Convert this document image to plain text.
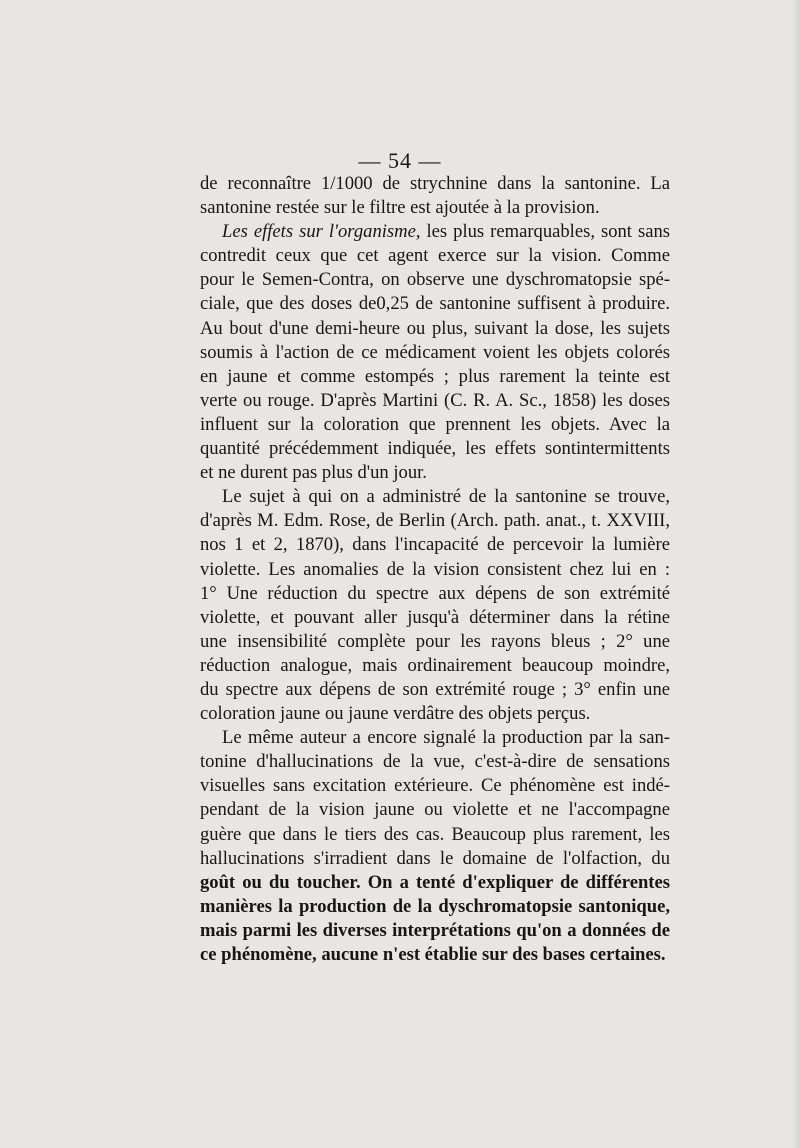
— 54 —
de reconnaître 1/1000 de strychnine dans la santonine. La
santonine restée sur le filtre est ajoutée à la provision.
Les effets sur l'organisme, les plus remarquables, sont sans
contredit ceux que cet agent exerce sur la vision. Comme
pour le Semen-Contra, on observe une dyschromatopsie spé-
ciale, que des doses de0,25 de santonine suffisent à produire.
Au bout d'une demi-heure ou plus, suivant la dose, les sujets
soumis à l'action de ce médicament voient les objets colorés
en jaune et comme estompés ; plus rarement la teinte est
verte ou rouge. D'après Martini (C. R. A. Sc., 1858) les doses
influent sur la coloration que prennent les objets. Avec la
quantité précédemment indiquée, les effets sontintermittents
et ne durent pas plus d'un jour.
Le sujet à qui on a administré de la santonine se trouve,
d'après M. Edm. Rose, de Berlin (Arch. path. anat., t. XXVIII,
nos 1 et 2, 1870), dans l'incapacité de percevoir la lumière
violette. Les anomalies de la vision consistent chez lui en :
1° Une réduction du spectre aux dépens de son extrémité
violette, et pouvant aller jusqu'à déterminer dans la rétine
une insensibilité complète pour les rayons bleus ; 2° une
réduction analogue, mais ordinairement beaucoup moindre,
du spectre aux dépens de son extrémité rouge ; 3° enfin une
coloration jaune ou jaune verdâtre des objets perçus.
Le même auteur a encore signalé la production par la san-
tonine d'hallucinations de la vue, c'est-à-dire de sensations
visuelles sans excitation extérieure. Ce phénomène est indé-
pendant de la vision jaune ou violette et ne l'accompagne
guère que dans le tiers des cas. Beaucoup plus rarement, les
hallucinations s'irradient dans le domaine de l'olfaction, du
goût ou du toucher. On a tenté d'expliquer de différentes
manières la production de la dyschromatopsie santonique,
mais parmi les diverses interprétations qu'on a données de
ce phénomène, aucune n'est établie sur des bases certaines.
